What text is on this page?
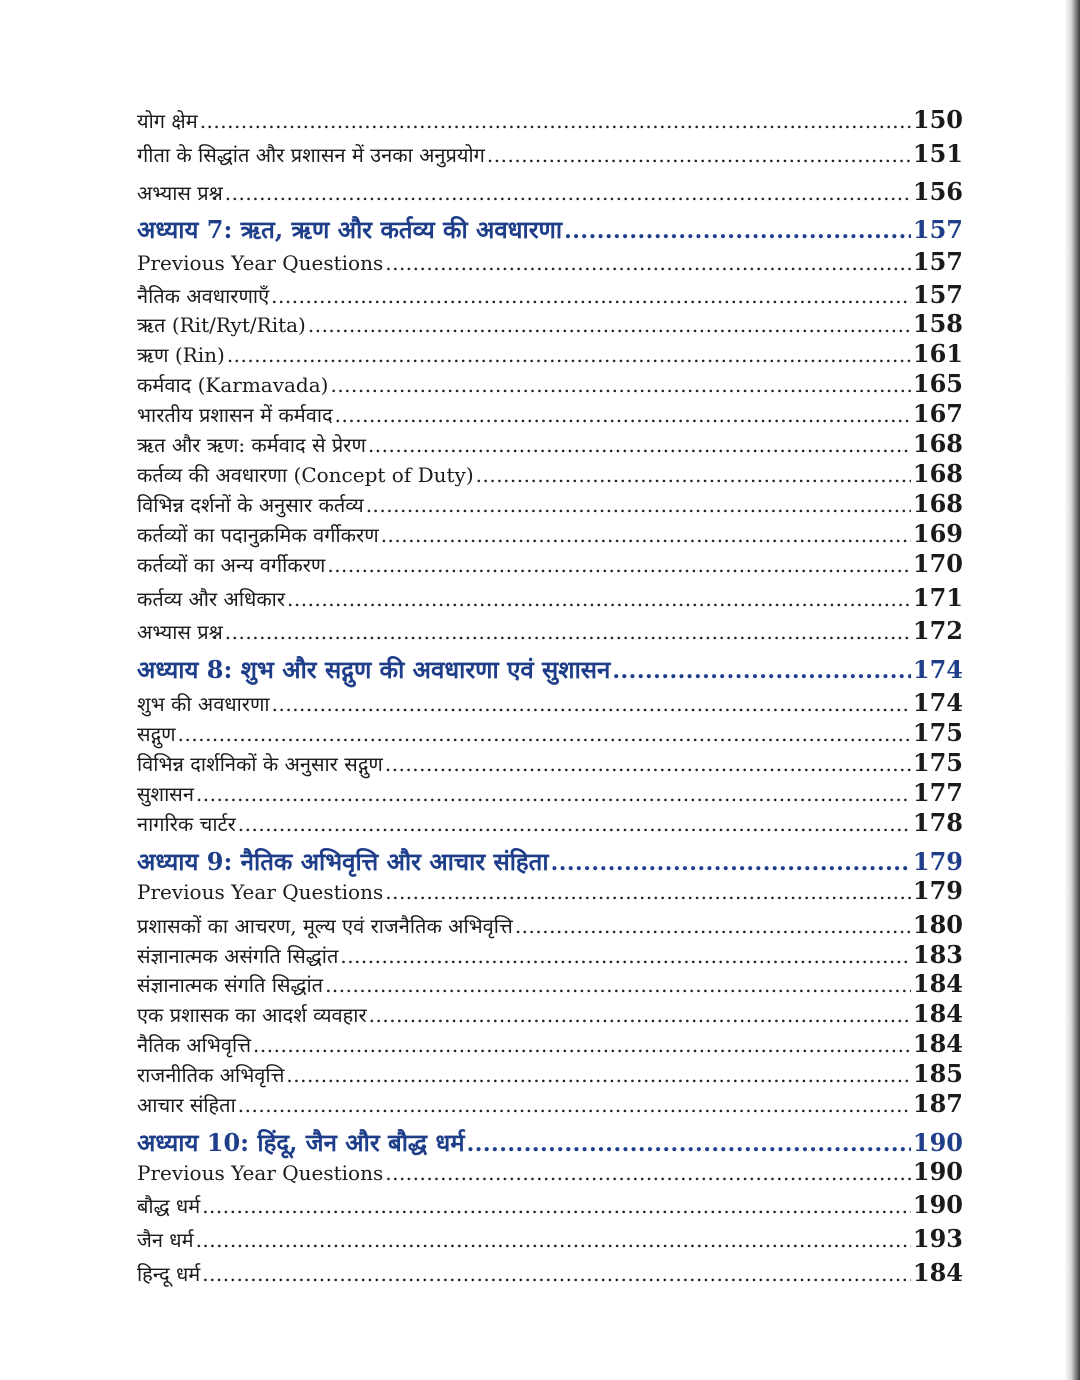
योग क्षेम .....	150
गीता के सिद्धांत और प्रशासन में उनका अनुप्रयोग .....	151
अभ्यास प्रश्न .....	156
अध्याय 7: ऋत, ऋण और कर्तव्य की अवधारणा .....	157
Previous Year Questions .....	157
नैतिक अवधारणाएँ .....	157
ऋत (Rit/Ryt/Rita) .....	158
ऋण (Rin) .....	161
कर्मवाद (Karmavada) .....	165
भारतीय प्रशासन में कर्मवाद .....	167
ऋत और ऋण: कर्मवाद से प्रेरण .....	168
कर्तव्य की अवधारणा (Concept of Duty) .....	168
विभिन्न दर्शनों के अनुसार कर्तव्य .....	168
कर्तव्यों का पदानुक्रमिक वर्गीकरण .....	169
कर्तव्यों का अन्य वर्गीकरण .....	170
कर्तव्य और अधिकार .....	171
अभ्यास प्रश्न .....	172
अध्याय 8: शुभ और सद्गुण की अवधारणा एवं सुशासन .....	174
शुभ की अवधारणा .....	174
सद्गुण .....	175
विभिन्न दार्शनिकों के अनुसार सद्गुण .....	175
सुशासन .....	177
नागरिक चार्टर .....	178
अध्याय 9: नैतिक अभिवृत्ति और आचार संहिता .....	179
Previous Year Questions .....	179
प्रशासकों का आचरण, मूल्य एवं राजनैतिक अभिवृत्ति .....	180
संज्ञानात्मक असंगति सिद्धांत .....	183
संज्ञानात्मक संगति सिद्धांत .....	184
एक प्रशासक का आदर्श व्यवहार .....	184
नैतिक अभिवृत्ति .....	184
राजनीतिक अभिवृत्ति .....	185
आचार संहिता .....	187
अध्याय 10: हिंदू, जैन और बौद्ध धर्म .....	190
Previous Year Questions .....	190
बौद्ध धर्म .....	190
जैन धर्म .....	193
हिन्दू धर्म .....	184
